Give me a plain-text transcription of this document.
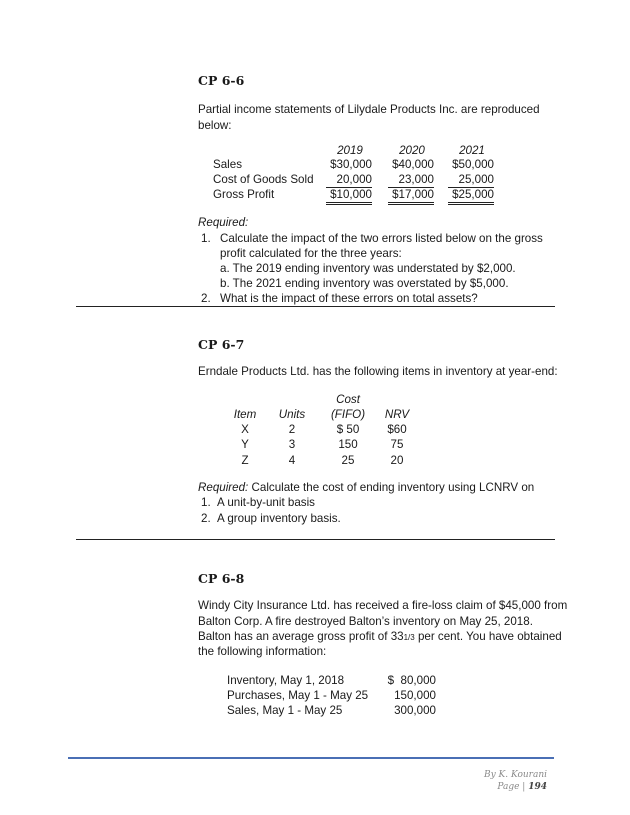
CP 6-6
Partial income statements of Lilydale Products Inc. are reproduced
below:
2019	2020	2021
Sales	$30,000	$40,000	$50,000
Cost of Goods Sold	20,000	23,000	25,000
Gross Profit	$10,000	$17,000	$25,000
Required:
1. Calculate the impact of the two errors listed below on the gross
profit calculated for the three years:
a. The 2019 ending inventory was understated by $2,000.
b. The 2021 ending inventory was overstated by $5,000.
2. What is the impact of these errors on total assets?
CP 6-7
Erndale Products Ltd. has the following items in inventory at year-end:
Cost
Item	Units	(FIFO)	NRV
X	2	$ 50	$60
Y	3	150	75
Z	4	25	20
Required: Calculate the cost of ending inventory using LCNRV on
1. A unit-by-unit basis
2. A group inventory basis.
CP 6-8
Windy City Insurance Ltd. has received a fire-loss claim of $45,000 from
Balton Corp. A fire destroyed Balton’s inventory on May 25, 2018.
Balton has an average gross profit of 331/3 per cent. You have obtained
the following information:
Inventory, May 1, 2018	$  80,000
Purchases, May 1 - May 25	150,000
Sales, May 1 - May 25	300,000
By K. Kourani
Page | 194
